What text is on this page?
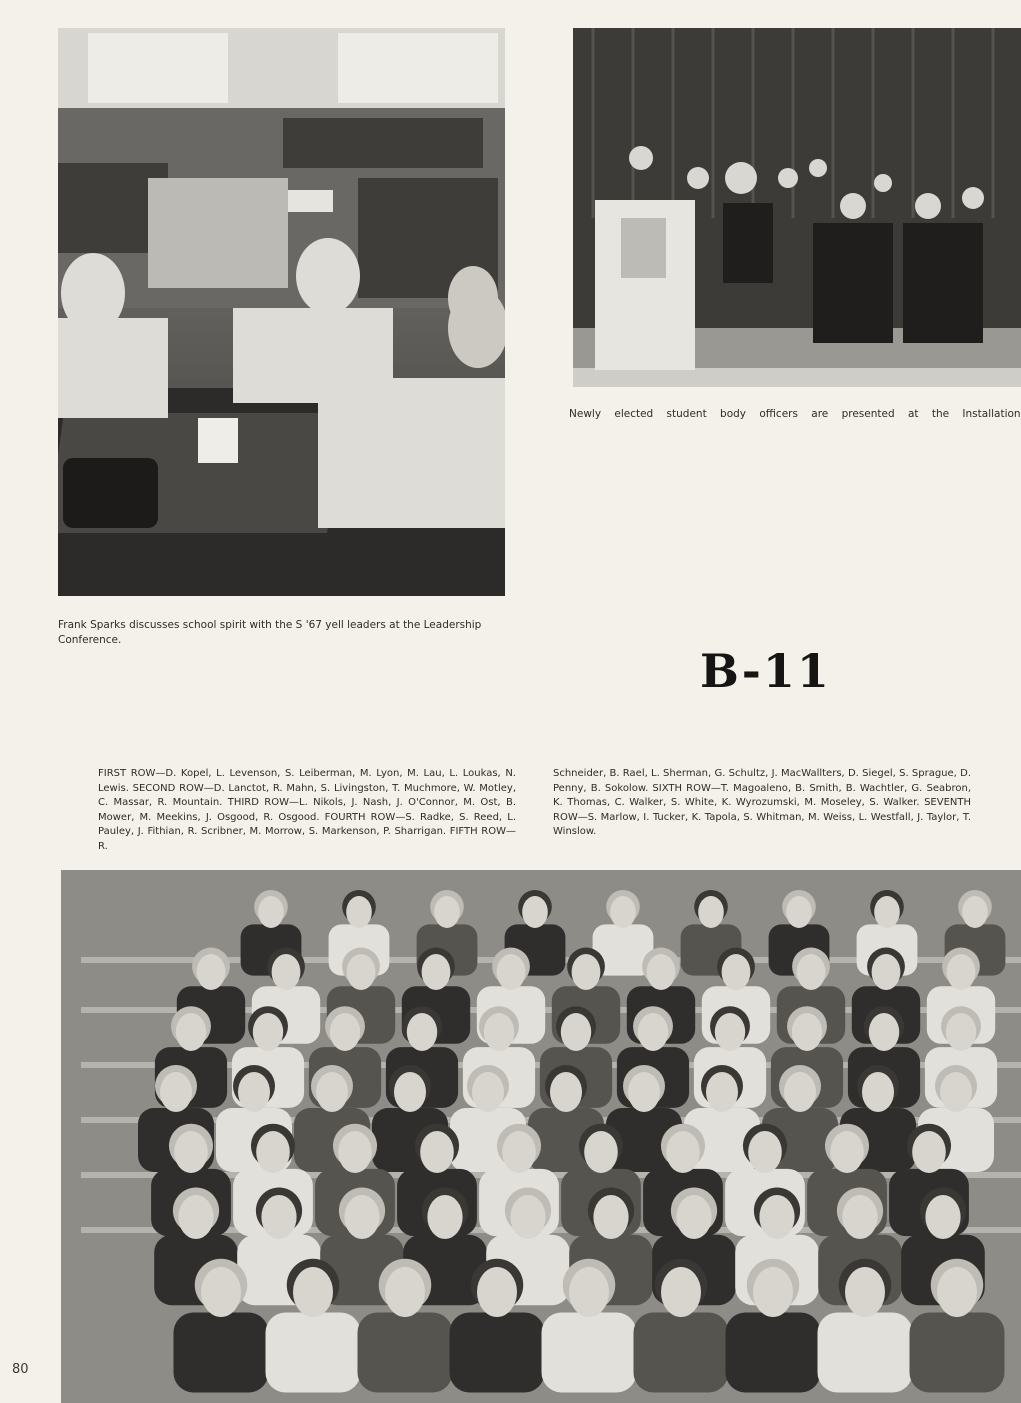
Frank Sparks discusses school spirit with the S '67 yell leaders at the Leadership Conference.
Newly elected student body officers are presented at the Installation
B-11
FIRST ROW—D. Kopel, L. Levenson, S. Leiberman, M. Lyon, M. Lau, L. Loukas, N. Lewis. SECOND ROW—D. Lanctot, R. Mahn, S. Livingston, T. Muchmore, W. Motley, C. Massar, R. Mountain. THIRD ROW—L. Nikols, J. Nash, J. O'Connor, M. Ost, B. Mower, M. Meekins, J. Osgood, R. Osgood. FOURTH ROW—S. Radke, S. Reed, L. Pauley, J. Fithian, R. Scribner, M. Morrow, S. Markenson, P. Sharrigan. FIFTH ROW—R.
Schneider, B. Rael, L. Sherman, G. Schultz, J. MacWallters, D. Siegel, S. Sprague, D. Penny, B. Sokolow. SIXTH ROW—T. Magoaleno, B. Smith, B. Wachtler, G. Seabron, K. Thomas, C. Walker, S. White, K. Wyrozumski, M. Moseley, S. Walker. SEVENTH ROW—S. Marlow, I. Tucker, K. Tapola, S. Whitman, M. Weiss, L. Westfall, J. Taylor, T. Winslow.
80
